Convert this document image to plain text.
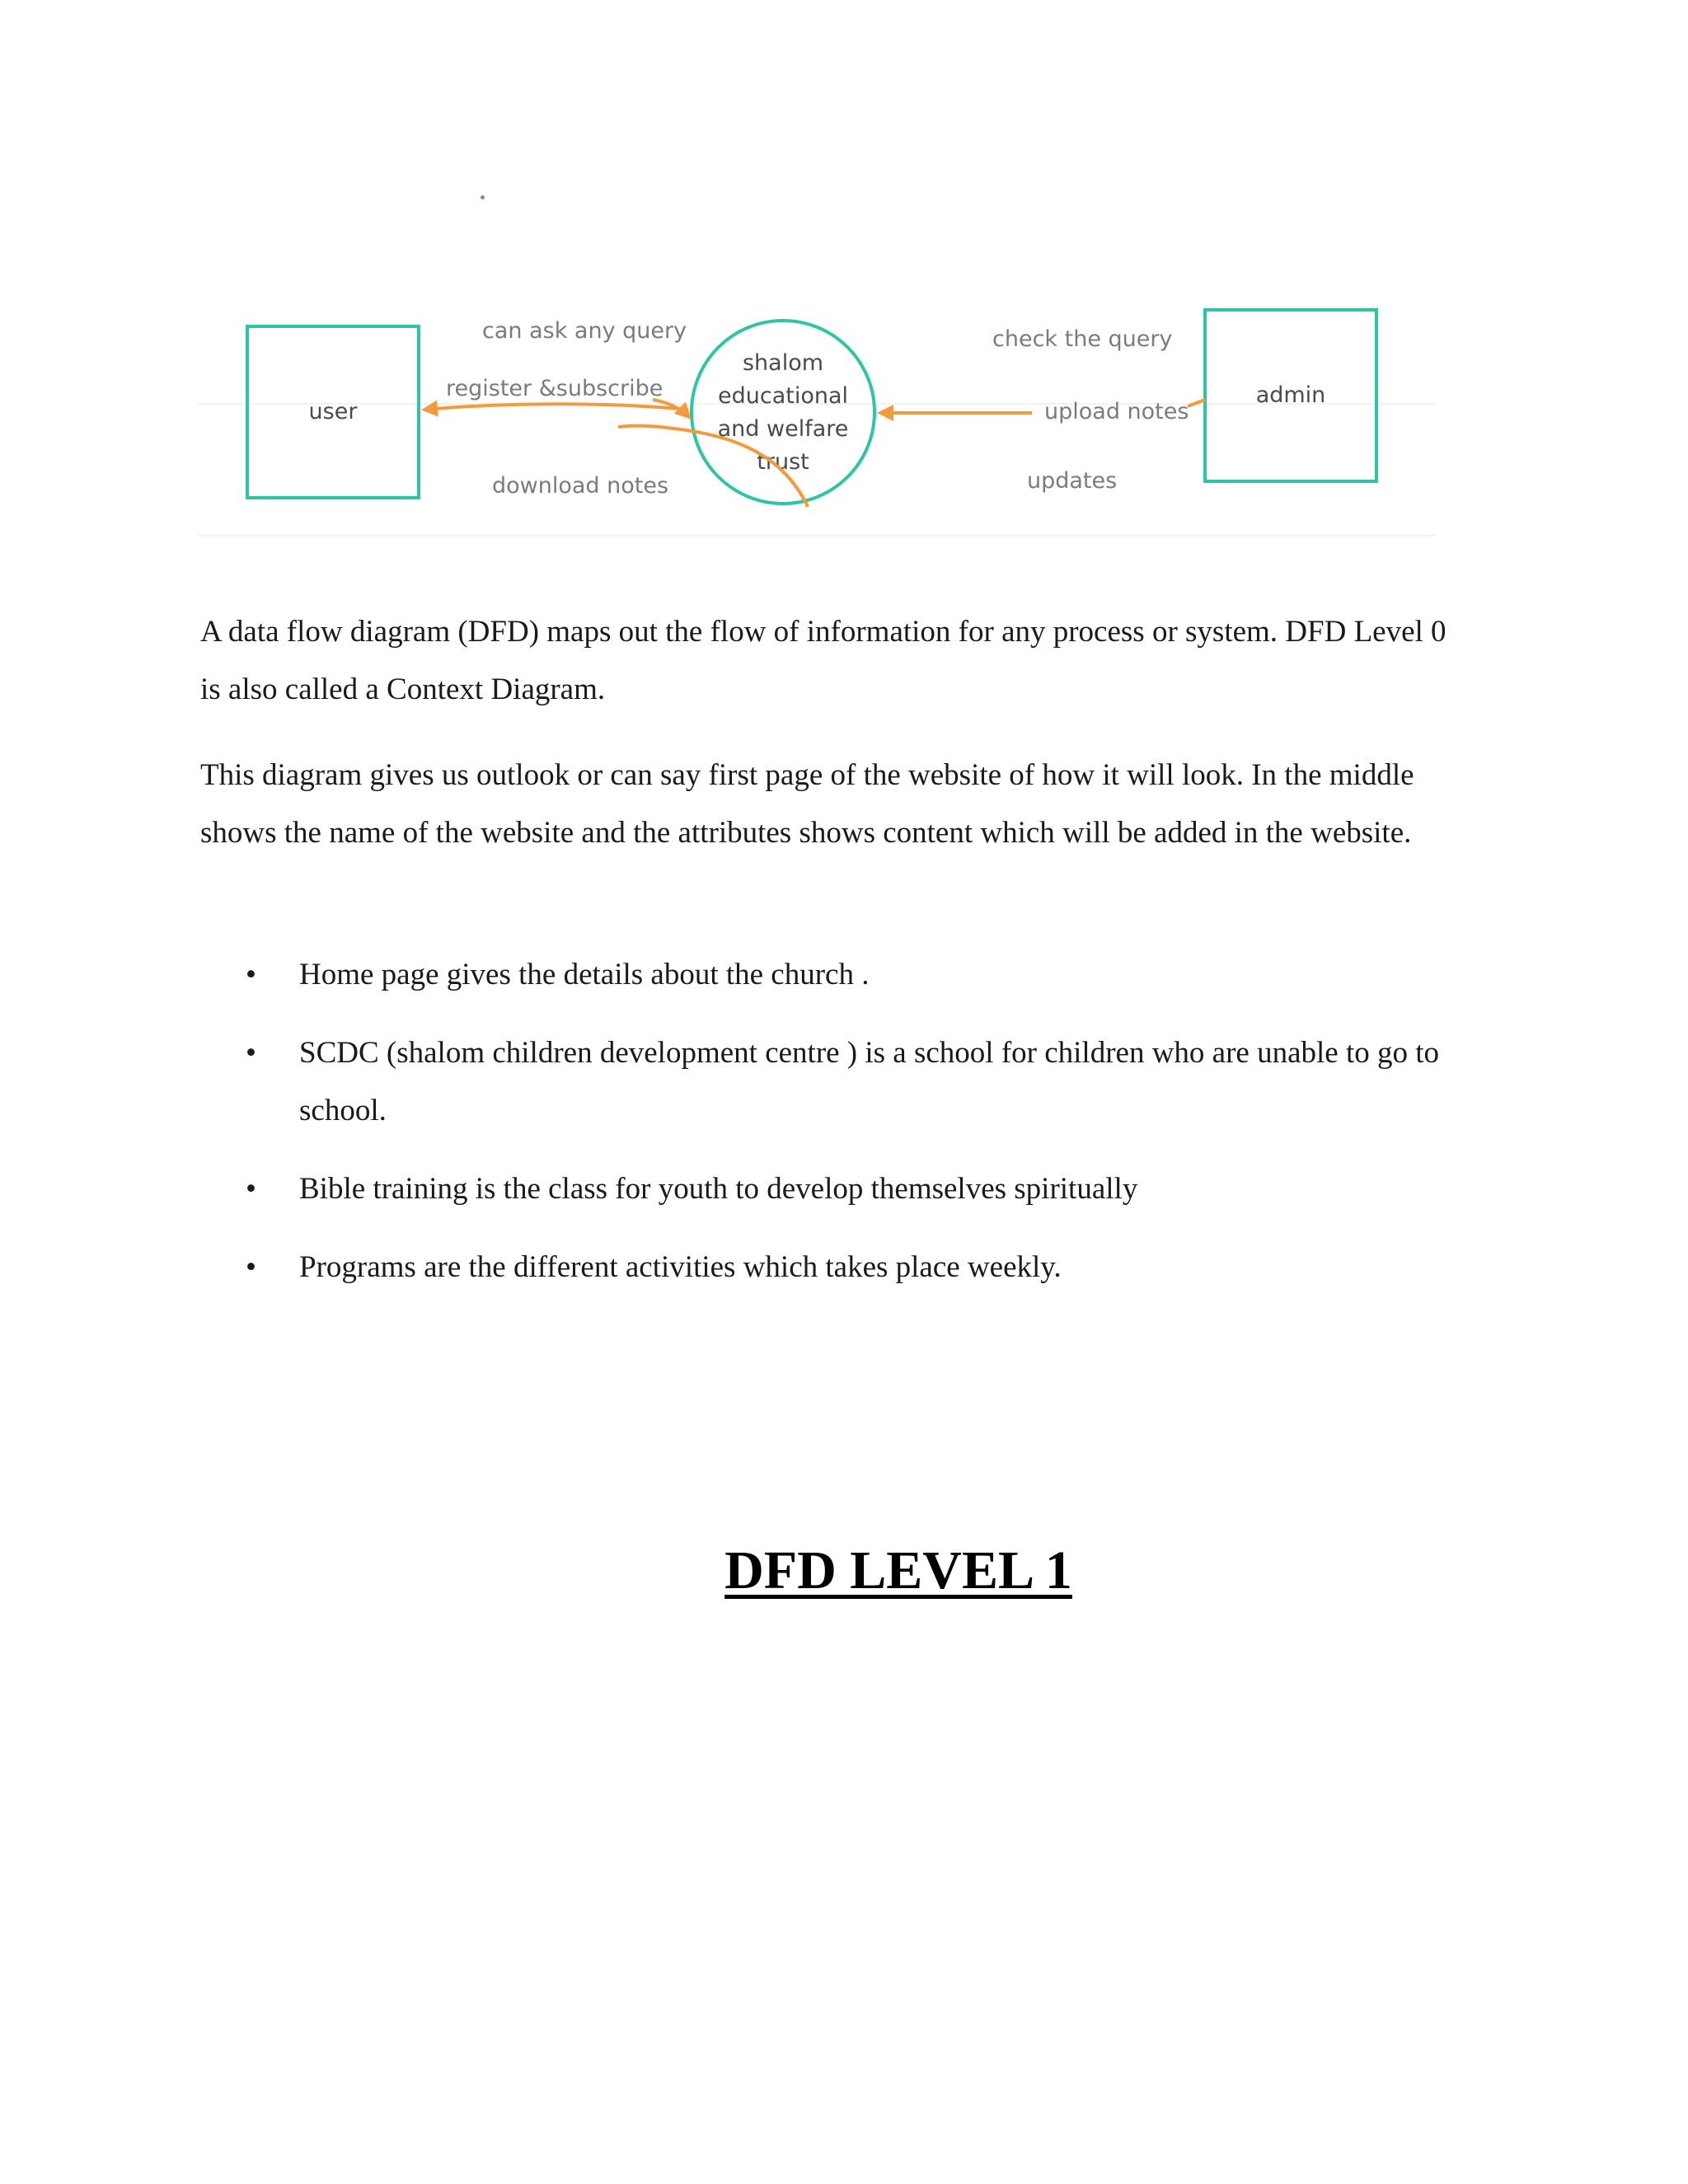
user
admin
shalom
educational
and welfare
trust
can ask any query
register &subscribe
download notes
check the query
upload notes
updates

A data flow diagram (DFD) maps out the flow of information for any process or system. DFD Level 0 is also called a Context Diagram.

This diagram gives us outlook or can say first page of the website of how it will look. In the middle shows the name of the website and the attributes shows content which will be added in the website.

• Home page gives the details about the church .
• SCDC (shalom children development centre ) is a school for children who are unable to go to school.
• Bible training is the class for youth to develop themselves spiritually
• Programs are the different activities which takes place weekly.
DFD LEVEL 1
